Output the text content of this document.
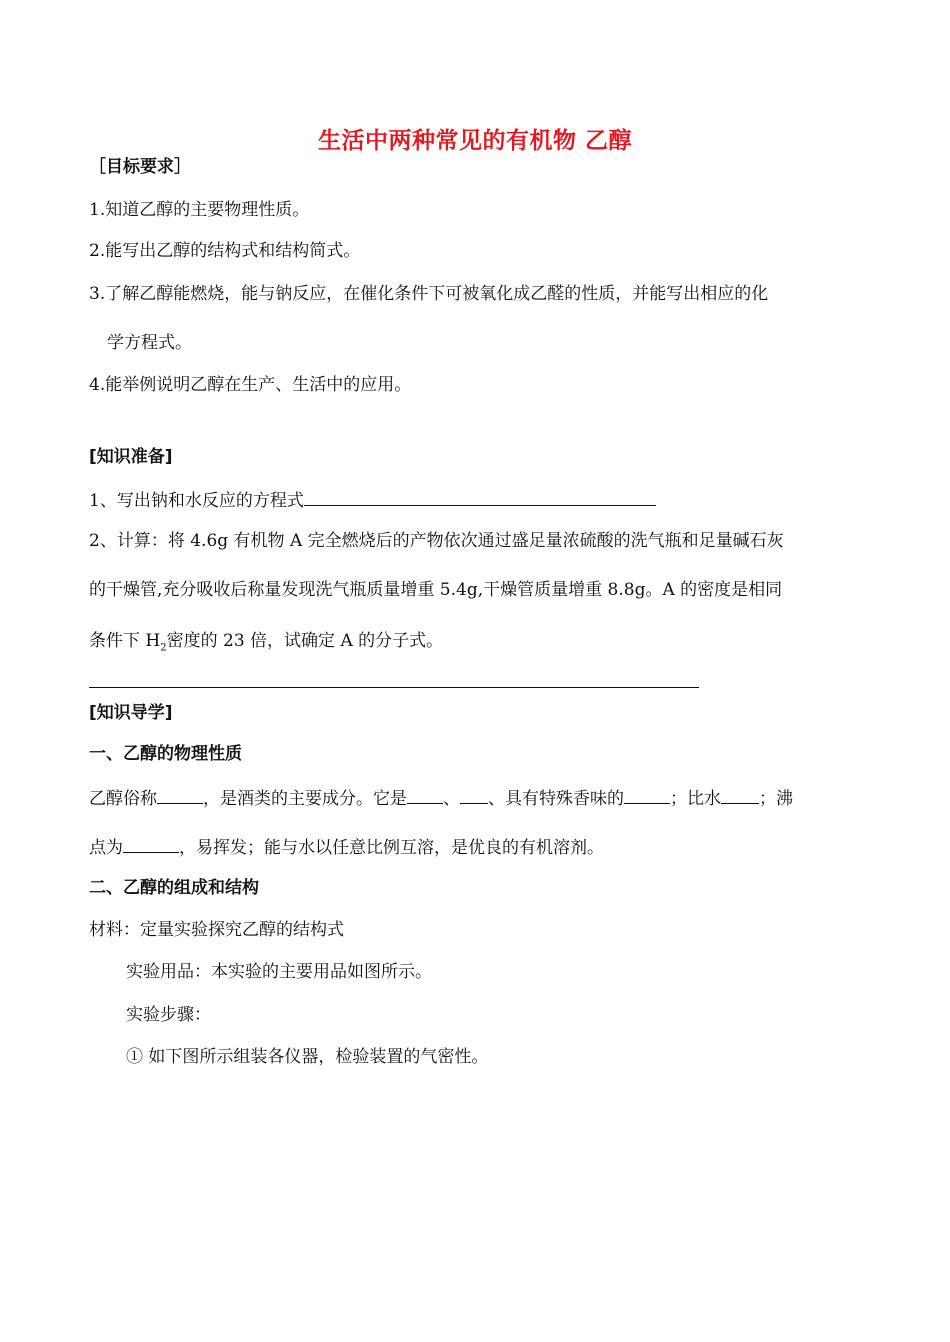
生活中两种常见的有机物 乙醇
［目标要求］
1.知道乙醇的主要物理性质。
2.能写出乙醇的结构式和结构简式。
3.了解乙醇能燃烧，能与钠反应，在催化条件下可被氧化成乙醛的性质，并能写出相应的化
学方程式。
4.能举例说明乙醇在生产、生活中的应用。
[知识准备]
1、写出钠和水反应的方程式
2、计算：将 4.6g 有机物 A 完全燃烧后的产物依次通过盛足量浓硫酸的洗气瓶和足量碱石灰
的干燥管,充分吸收后称量发现洗气瓶质量增重 5.4g,干燥管质量增重 8.8g。A 的密度是相同
条件下 $H_2$密度的 23 倍，试确定 A 的分子式。
[知识导学]
一、乙醇的物理性质
乙醇俗称	，是酒类的主要成分。它是 、 、具有特殊香味的	；比水 ；沸
点为	，易挥发；能与水以任意比例互溶，是优良的有机溶剂。
二、乙醇的组成和结构
材料：定量实验探究乙醇的结构式
实验用品：本实验的主要用品如图所示。
实验步骤：
① 如下图所示组装各仪器，检验装置的气密性。
